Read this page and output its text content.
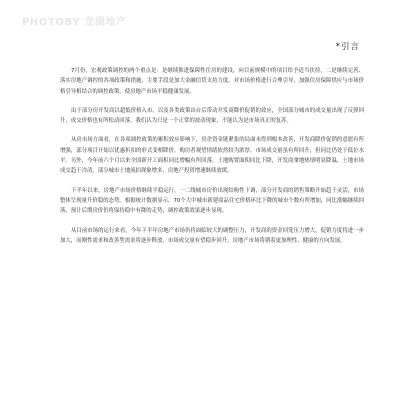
PHOTOBY 龙湖地产
*引言

7月份，宏观政策调控的两个重点是：是继续推进保障性住房的建设，向目前规模中的项目给予适当扶持，二是继续完善、落实房地产调控的各项政策和措施，主要手段是加大金融信贷支持力度，对市场价格进行合理引导，加强住房保障供应与市场价格引导相结合的调控政策，使房地产市场平稳健康发展。

由于部分房开发商以超低价格入市，以及各类政策出台后带动开发商降价促销的效应，全国部分城市的成交量出现了反弹回升，成交价格也有所松动回落，我们认为只是一个正常的波动现象，不能认为是市场真正的复苏。

从房市场方面看，在各项调控政策的累积效应影响下，房企资金链紧张的局面未得到根本改善，开发商降价促销的意愿有所增强，部分项目开始以优惠折扣的形式变相降价，购房者观望情绪依然较为浓厚，市场成交量虽有所回升，但同比仍处于低位水平。另外，今年前六个月以来全国新开工面积同比增幅有所回落，土地购置面积同比下降，开发商拿地热情明显降温，土地市场成交趋于冷清，部分城市土地流拍现象增多，房地产投资增速继续放缓。

下半年以来，房地产市场价格继续平稳运行，一二线城市房价出现结构性下调，部分开发商的销售策略开始趋于灵活，市场整体呈现量升价稳的态势。根据统计数据显示，70个大中城市新建商品住宅价格环比下降的城市个数有所增加，同比涨幅继续回落，预计后期房价仍将保持稳中有降的走势，调控政策效果逐步显现。

从目前市场的运行来看，今年下半年房地产市场仍将面临较大的调整压力，开发商的资金回笼压力增大，促销力度将进一步加大，而刚性需求和改善型需求将逐步释放，市场成交量有望稳步回升，房地产市场将朝着更加理性、健康的方向发展。
